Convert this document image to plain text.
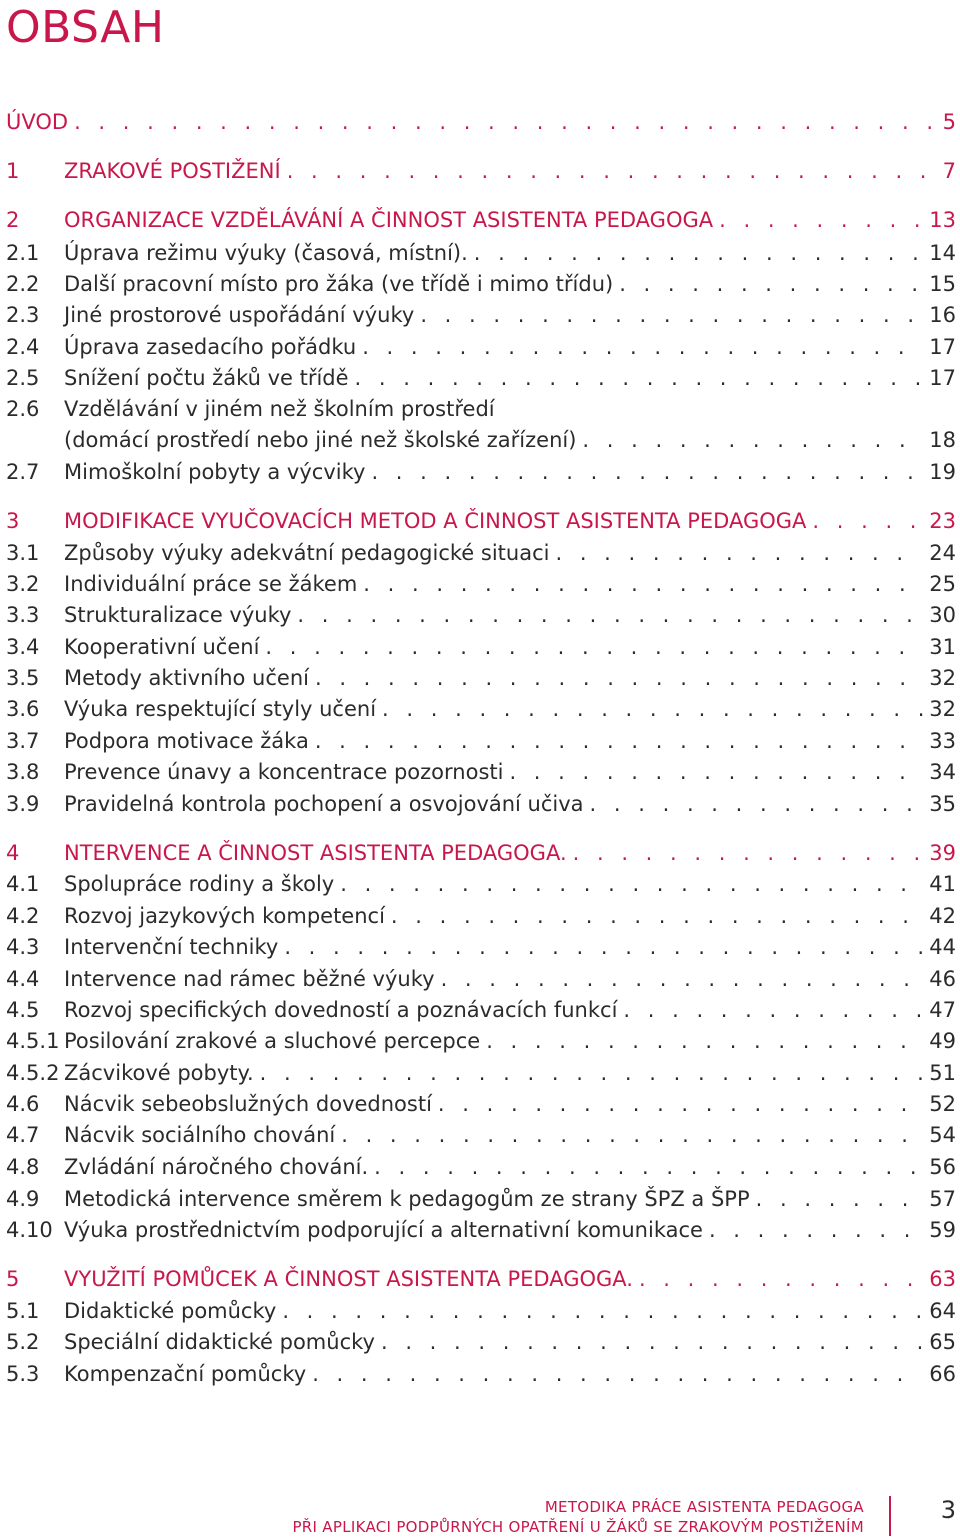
OBSAH
ÚVOD . . .	5
1	ZRAKOVÉ POSTIŽENÍ . . .	7
2	ORGANIZACE VZDĚLÁVÁNÍ A ČINNOST ASISTENTA PEDAGOGA . . .	13
2.1	Úprava režimu výuky (časová, místní). . . .	14
2.2	Další pracovní místo pro žáka (ve třídě i mimo třídu) . . .	15
2.3	Jiné prostorové uspořádání výuky . . .	16
2.4	Úprava zasedacího pořádku . . .	17
2.5	Snížení počtu žáků ve třídě . . .	17
2.6	Vzdělávání v jiném než školním prostředí
(domácí prostředí nebo jiné než školské zařízení) . . .	18
2.7	Mimoškolní pobyty a výcviky . . .	19
3	MODIFIKACE VYUČOVACÍCH METOD A ČINNOST ASISTENTA PEDAGOGA . . .	23
3.1	Způsoby výuky adekvátní pedagogické situaci . . .	24
3.2	Individuální práce se žákem . . .	25
3.3	Strukturalizace výuky . . .	30
3.4	Kooperativní učení . . .	31
3.5	Metody aktivního učení . . .	32
3.6	Výuka respektující styly učení . . .	32
3.7	Podpora motivace žáka . . .	33
3.8	Prevence únavy a koncentrace pozornosti . . .	34
3.9	Pravidelná kontrola pochopení a osvojování učiva . . .	35
4	NTERVENCE A ČINNOST ASISTENTA PEDAGOGA. . . .	39
4.1	Spolupráce rodiny a školy . . .	41
4.2	Rozvoj jazykových kompetencí . . .	42
4.3	Intervenční techniky . . .	44
4.4	Intervence nad rámec běžné výuky . . .	46
4.5	Rozvoj specifických dovedností a poznávacích funkcí . . .	47
4.5.1 Posilování zrakové a sluchové percepce . . .	49
4.5.2 Zácvikové pobyty. . . .	51
4.6	Nácvik sebeobslužných dovedností . . .	52
4.7	Nácvik sociálního chování . . .	54
4.8	Zvládání náročného chování. . . .	56
4.9	Metodická intervence směrem k pedagogům ze strany ŠPZ a ŠPP . . .	57
4.10 Výuka prostřednictvím podporující a alternativní komunikace . . .	59
5	VYUŽITÍ POMŮCEK A ČINNOST ASISTENTA PEDAGOGA. . . .	63
5.1	Didaktické pomůcky . . .	64
5.2	Speciální didaktické pomůcky . . .	65
5.3	Kompenzační pomůcky . . .	66
METODIKA PRÁCE ASISTENTA PEDAGOGA
PŘI APLIKACI PODPŮRNÝCH OPATŘENÍ U ŽÁKŮ SE ZRAKOVÝM POSTIŽENÍM
3
